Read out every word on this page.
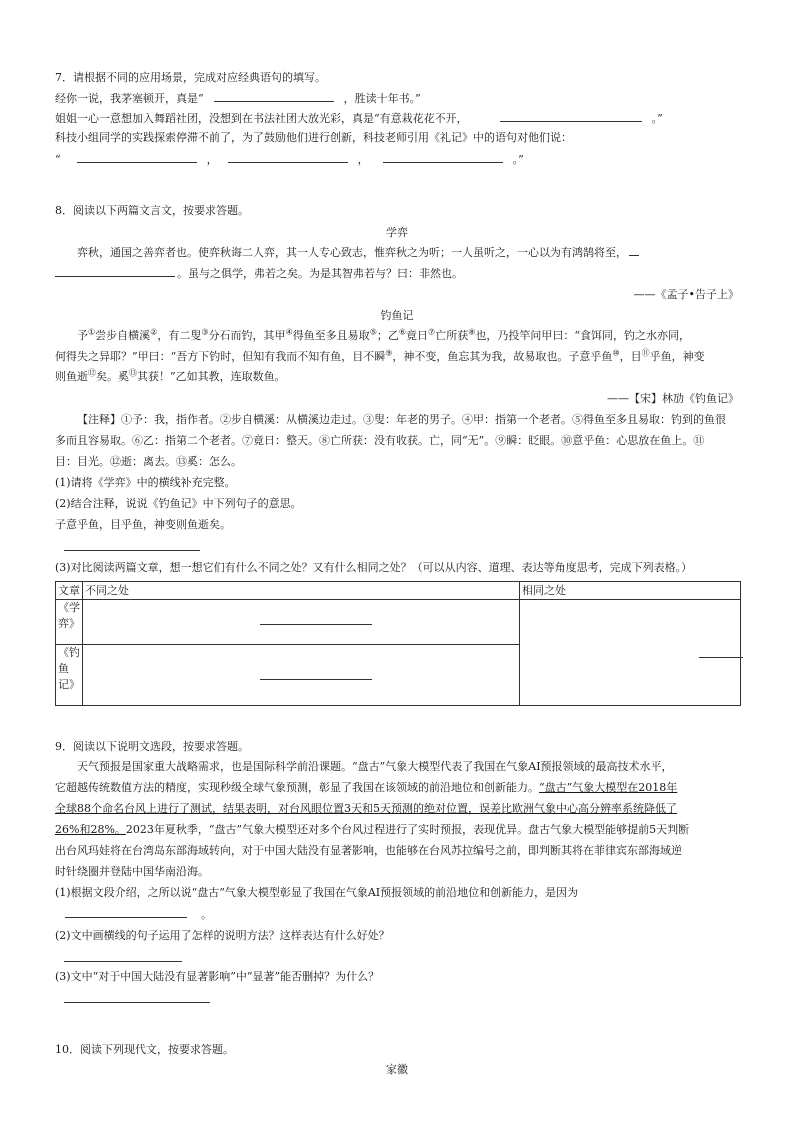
7．请根据不同的应用场景，完成对应经典语句的填写。
经你一说，我茅塞顿开，真是“	，胜读十年书。”
姐姐一心一意想加入舞蹈社团，没想到在书法社团大放光彩，真是“有意栽花花不开，	。”
科技小组同学的实践探索停滞不前了，为了鼓励他们进行创新，科技老师引用《礼记》中的语句对他们说：
“	，	，	。”
8．阅读以下两篇文言文，按要求答题。
学弈
弈秋，通国之善弈者也。使弈秋诲二人弈，其一人专心致志，惟弈秋之为听；一人虽听之，一心以为有鸿鹄将至，
。虽与之俱学，弗若之矣。为是其智弗若与？曰：非然也。
——《孟子•告子上》
钓鱼记
予①尝步自横溪②，有二叟③分石而钓，其甲④得鱼至多且易取⑤；乙⑥竟日⑦亡所获⑧也，乃投竿问甲曰：“食饵同，钓之水亦同，
何得失之异耶？”甲曰：“吾方下钓时，但知有我而不知有鱼，目不瞬⑨，神不变，鱼忘其为我，故易取也。子意乎鱼⑩，目⑪乎鱼，神变
则鱼逝⑫矣。奚⑬其获！”乙如其教，连取数鱼。
——【宋】林劢《钓鱼记》
【注释】①予：我，指作者。②步自横溪：从横溪边走过。③叟：年老的男子。④甲：指第一个老者。⑤得鱼至多且易取：钓到的鱼很
多而且容易取。⑥乙：指第二个老者。⑦竟日：整天。⑧亡所获：没有收获。亡，同“无”。⑨瞬：眨眼。⑩意乎鱼：心思放在鱼上。⑪
目：目光。⑫逝：离去。⑬奚：怎么。
(1)请将《学弈》中的横线补充完整。
(2)结合注释，说说《钓鱼记》中下列句子的意思。
子意乎鱼，目乎鱼，神变则鱼逝矣。
(3)对比阅读两篇文章，想一想它们有什么不同之处？又有什么相同之处？（可以从内容、道理、表达等角度思考，完成下列表格。）
文章	不同之处	相同之处
《学弈》	

《钓鱼记》		
9．阅读以下说明文选段，按要求答题。
天气预报是国家重大战略需求，也是国际科学前沿课题。“盘古”气象大模型代表了我国在气象AI预报领域的最高技术水平，
它超越传统数值方法的精度，实现秒级全球气象预测，彰显了我国在该领域的前沿地位和创新能力。“盘古”气象大模型在2018年
全球88个命名台风上进行了测试，结果表明，对台风眼位置3天和5天预测的绝对位置，误差比欧洲气象中心高分辨率系统降低了
26%和28%。2023年夏秋季，“盘古”气象大模型还对多个台风过程进行了实时预报，表现优异。盘古气象大模型能够提前5天判断
出台风玛娃将在台湾岛东部海域转向，对于中国大陆没有显著影响，也能够在台风苏拉编号之前，即判断其将在菲律宾东部海域逆
时针绕圈并登陆中国华南沿海。
(1)根据文段介绍，之所以说“盘古”气象大模型彰显了我国在气象AI预报领域的前沿地位和创新能力，是因为
。
(2)文中画横线的句子运用了怎样的说明方法？这样表达有什么好处？
(3)文中“对于中国大陆没有显著影响”中“显著”能否删掉？为什么？
10．阅读下列现代文，按要求答题。
家徽
